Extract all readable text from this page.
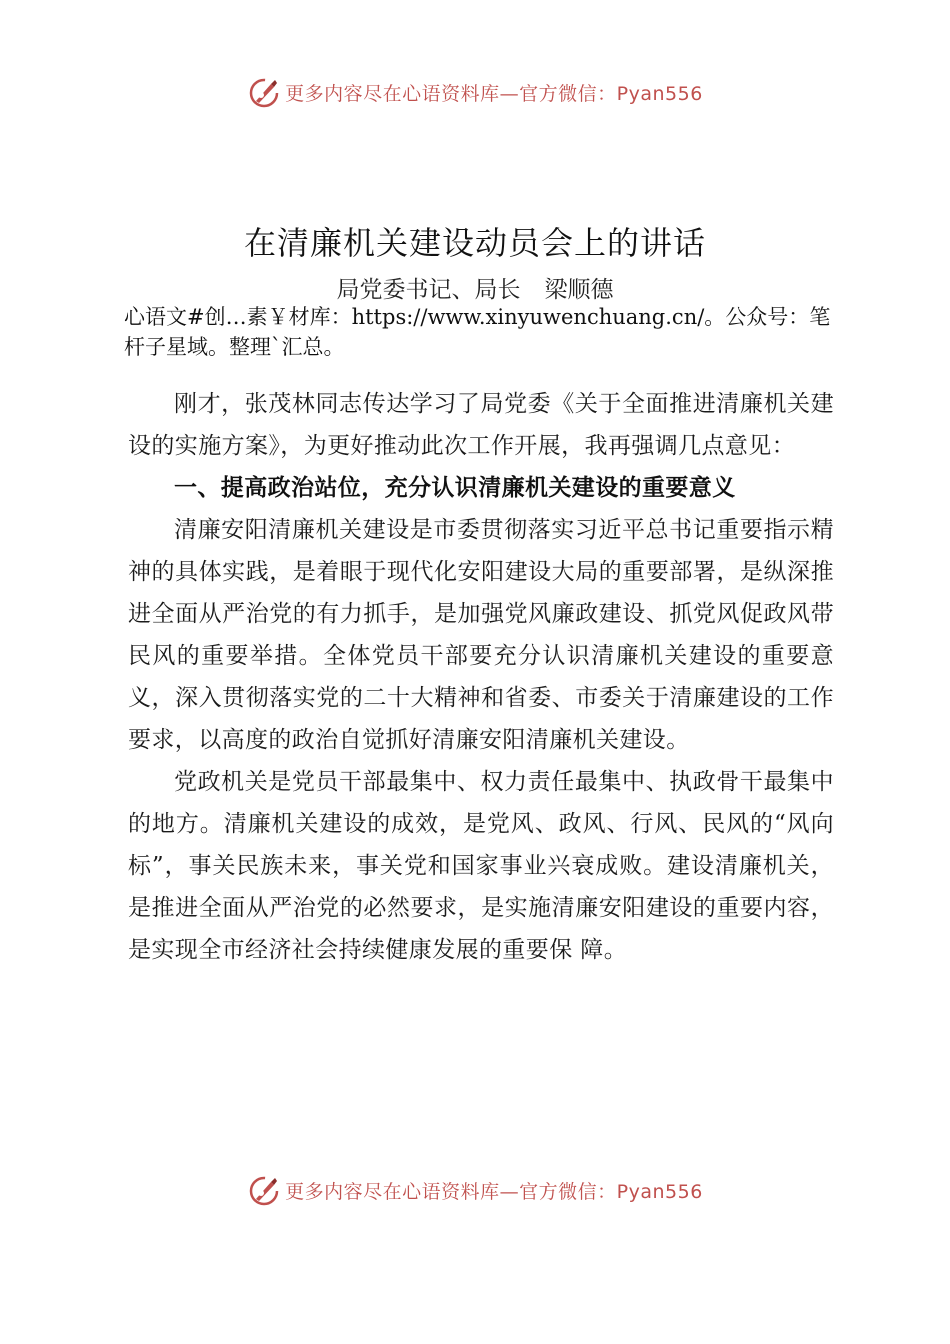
更多内容尽在心语资料库—官方微信：Pyan556
在清廉机关建设动员会上的讲话
局党委书记、局长 梁顺德
心语文#创…素￥材库：https://www.xinyuwenchuang.cn/。公众号：笔杆子星域。整理`汇总。

刚才，张茂林同志传达学习了局党委《关于全面推进清廉机关建设的实施方案》，为更好推动此次工作开展，我再强调几点意见：

一、提高政治站位，充分认识清廉机关建设的重要意义

清廉安阳清廉机关建设是市委贯彻落实习近平总书记重要指示精神的具体实践，是着眼于现代化安阳建设大局的重要部署，是纵深推进全面从严治党的有力抓手，是加强党风廉政建设、抓党风促政风带民风的重要举措。全体党员干部要充分认识清廉机关建设的重要意义，深入贯彻落实党的二十大精神和省委、市委关于清廉建设的工作要求，以高度的政治自觉抓好清廉安阳清廉机关建设。

党政机关是党员干部最集中、权力责任最集中、执政骨干最集中的地方。清廉机关建设的成效，是党风、政风、行风、民风的“风向标”，事关民族未来，事关党和国家事业兴衰成败。建设清廉机关，是推进全面从严治党的必然要求，是实施清廉安阳建设的重要内容，是实现全市经济社会持续健康发展的重要保 障。

更多内容尽在心语资料库—官方微信：Pyan556
